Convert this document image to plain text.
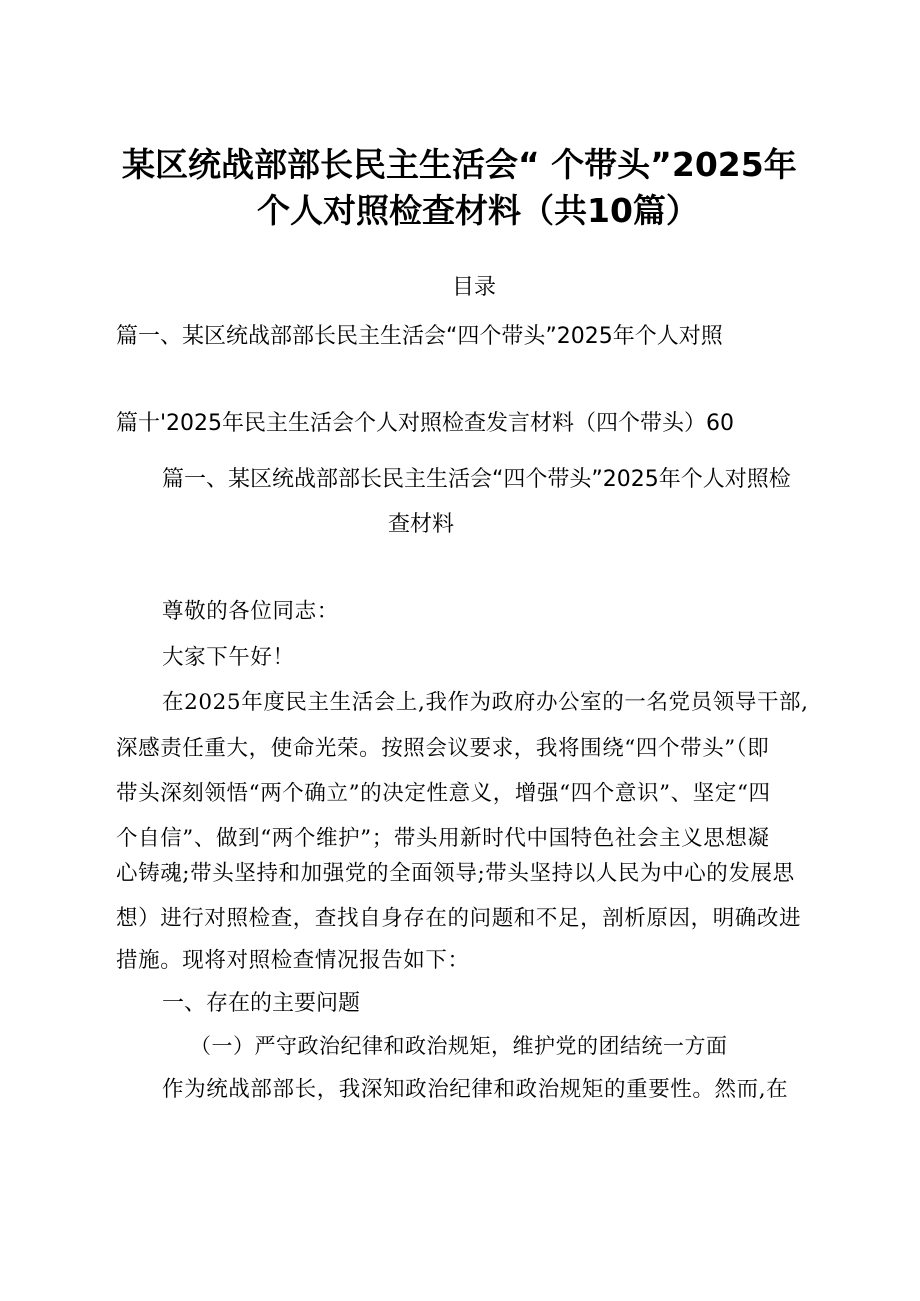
某区统战部部长民主生活会“ 个带头”2025年
个人对照检查材料（共10篇）
目录
篇一、某区统战部部长民主生活会“四个带头”2025年个人对照
篇十'2025年民主生活会个人对照检查发言材料（四个带头）60
篇一、某区统战部部长民主生活会“四个带头”2025年个人对照检
查材料
尊敬的各位同志：
大家下午好！
在2025年度民主生活会上,我作为政府办公室的一名党员领导干部,
深感责任重大，使命光荣。按照会议要求，我将围绕“四个带头”（即
带头深刻领悟“两个确立”的决定性意义，增强“四个意识”、坚定“四
个自信”、做到“两个维护”；带头用新时代中国特色社会主义思想凝
心铸魂;带头坚持和加强党的全面领导;带头坚持以人民为中心的发展思
想）进行对照检查，查找自身存在的问题和不足，剖析原因，明确改进
措施。现将对照检查情况报告如下：
一、存在的主要问题
（一）严守政治纪律和政治规矩，维护党的团结统一方面
作为统战部部长，我深知政治纪律和政治规矩的重要性。然而,在
